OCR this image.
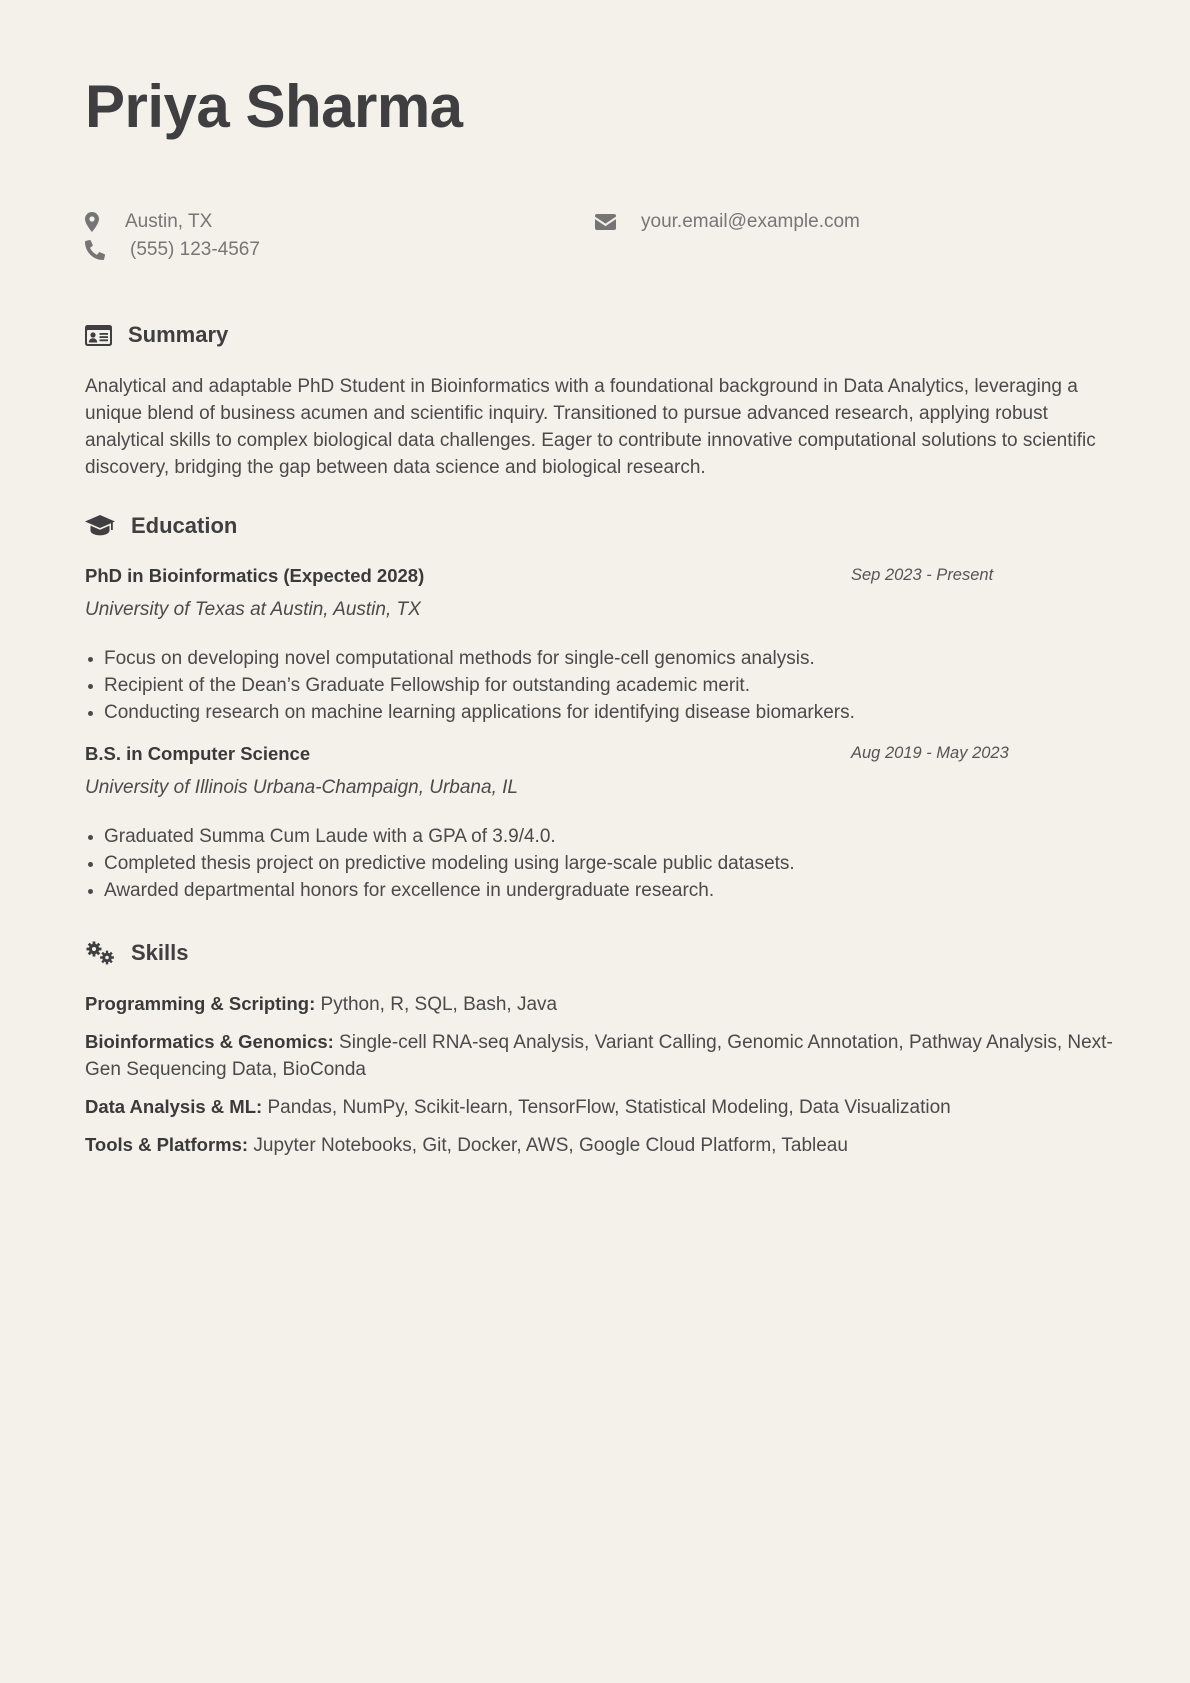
Priya Sharma
Austin, TX	your.email@example.com
(555) 123-4567
Summary

Analytical and adaptable PhD Student in Bioinformatics with a foundational background in Data Analytics, leveraging a unique blend of business acumen and scientific inquiry. Transitioned to pursue advanced research, applying robust analytical skills to complex biological data challenges. Eager to contribute innovative computational solutions to scientific discovery, bridging the gap between data science and biological research.

Education
PhD in Bioinformatics (Expected 2028)	Sep 2023 - Present
University of Texas at Austin, Austin, TX
Focus on developing novel computational methods for single-cell genomics analysis.
Recipient of the Dean’s Graduate Fellowship for outstanding academic merit.
Conducting research on machine learning applications for identifying disease biomarkers.
B.S. in Computer Science	Aug 2019 - May 2023
University of Illinois Urbana-Champaign, Urbana, IL
Graduated Summa Cum Laude with a GPA of 3.9/4.0.
Completed thesis project on predictive modeling using large-scale public datasets.
Awarded departmental honors for excellence in undergraduate research.
Skills

Programming & Scripting: Python, R, SQL, Bash, Java

Bioinformatics & Genomics: Single-cell RNA-seq Analysis, Variant Calling, Genomic Annotation, Pathway Analysis, Next-Gen Sequencing Data, BioConda

Data Analysis & ML: Pandas, NumPy, Scikit-learn, TensorFlow, Statistical Modeling, Data Visualization

Tools & Platforms: Jupyter Notebooks, Git, Docker, AWS, Google Cloud Platform, Tableau
